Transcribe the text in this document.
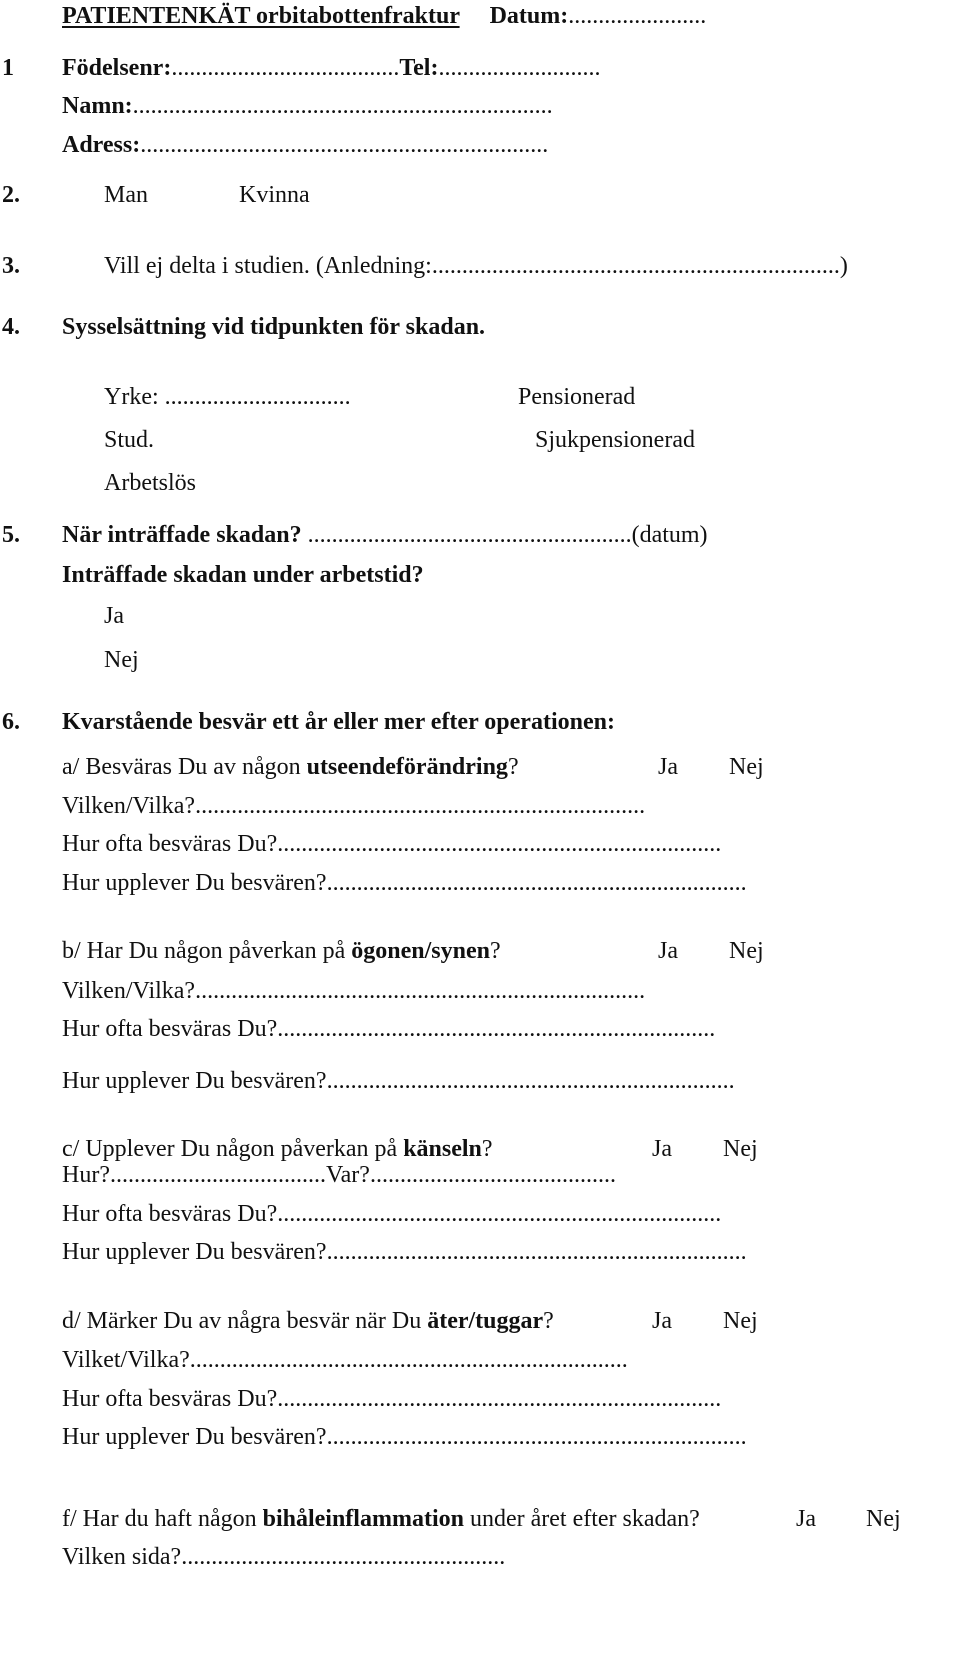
PATIENTENKÄT orbitabottenfraktur Datum:.......................
1 Födelsenr:......................................Tel:...........................
Namn:......................................................................
Adress:....................................................................
2.	Man	Kvinna
3.	Vill ej delta i studien. (Anledning:....................................................................)
4. Sysselsättning vid tidpunkten för skadan.
Yrke: ...............................	Pensionerad
Stud.	Sjukpensionerad
Arbetslös
5. När inträffade skadan? ......................................................(datum)
Inträffade skadan under arbetstid?
Ja
Nej
6. Kvarstående besvär ett år eller mer efter operationen:
a/ Besväras Du av någon utseendeförändring?	Ja Nej
Vilken/Vilka?...........................................................................
Hur ofta besväras Du?..........................................................................
Hur upplever Du besvären?......................................................................
b/ Har Du någon påverkan på ögonen/synen?	Ja Nej
Vilken/Vilka?...........................................................................
Hur ofta besväras Du?.........................................................................
Hur upplever Du besvären?....................................................................
c/ Upplever Du någon påverkan på känseln?	Ja Nej
Hur?....................................Var?.........................................
Hur ofta besväras Du?..........................................................................
Hur upplever Du besvären?......................................................................
d/ Märker Du av några besvär när Du äter/tuggar?	Ja Nej
Vilket/Vilka?.........................................................................
Hur ofta besväras Du?..........................................................................
Hur upplever Du besvären?......................................................................
f/ Har du haft någon bihåleinflammation under året efter skadan?	Ja Nej
Vilken sida?......................................................
